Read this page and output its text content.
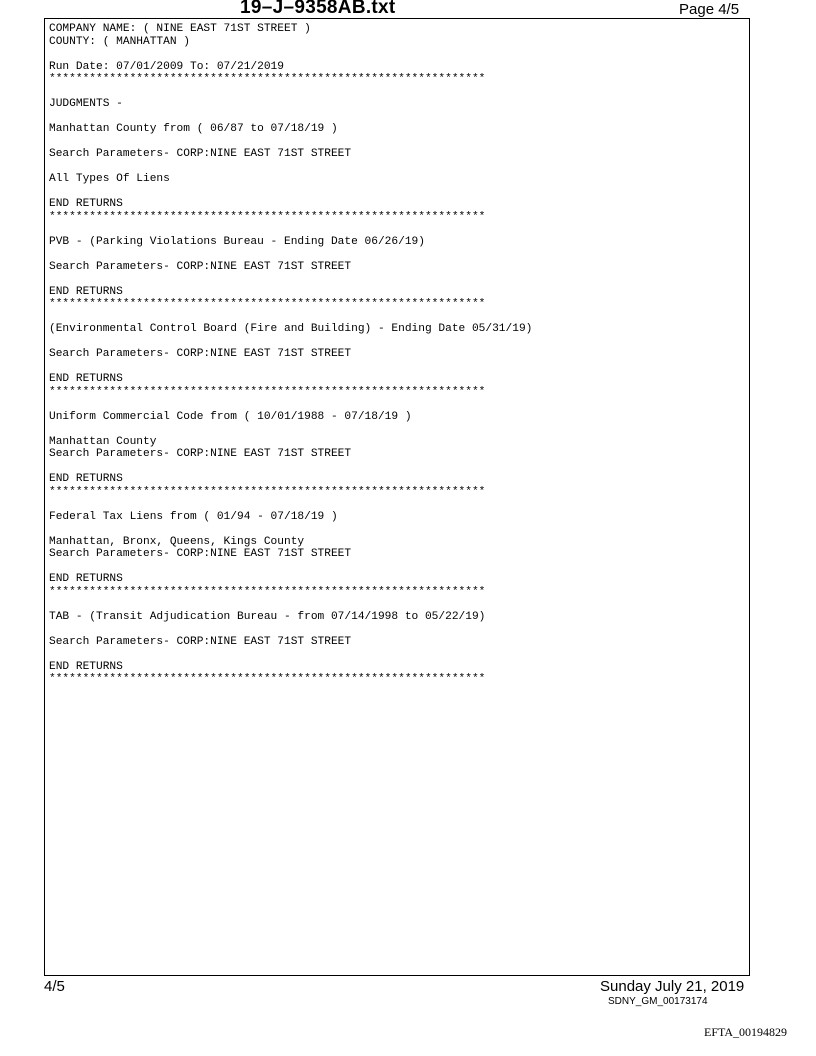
19–J–9358AB.txt	Page 4/5
COMPANY NAME: ( NINE EAST 71ST STREET )
COUNTY: ( MANHATTAN )

Run Date: 07/01/2009 To: 07/21/2019
*****************************************************************

JUDGMENTS -

Manhattan County from ( 06/87 to 07/18/19 )

Search Parameters- CORP:NINE EAST 71ST STREET

All Types Of Liens

END RETURNS
*****************************************************************

PVB - (Parking Violations Bureau - Ending Date 06/26/19)

Search Parameters- CORP:NINE EAST 71ST STREET

END RETURNS
*****************************************************************

(Environmental Control Board (Fire and Building) - Ending Date 05/31/19)

Search Parameters- CORP:NINE EAST 71ST STREET

END RETURNS
*****************************************************************

Uniform Commercial Code from ( 10/01/1988 - 07/18/19 )

Manhattan County
Search Parameters- CORP:NINE EAST 71ST STREET

END RETURNS
*****************************************************************

Federal Tax Liens from ( 01/94 - 07/18/19 )

Manhattan, Bronx, Queens, Kings County
Search Parameters- CORP:NINE EAST 71ST STREET

END RETURNS
*****************************************************************

TAB - (Transit Adjudication Bureau - from 07/14/1998 to 05/22/19)

Search Parameters- CORP:NINE EAST 71ST STREET

END RETURNS
*****************************************************************
4/5	Sunday July 21, 2019
SDNY_GM_00173174
EFTA_00194829
